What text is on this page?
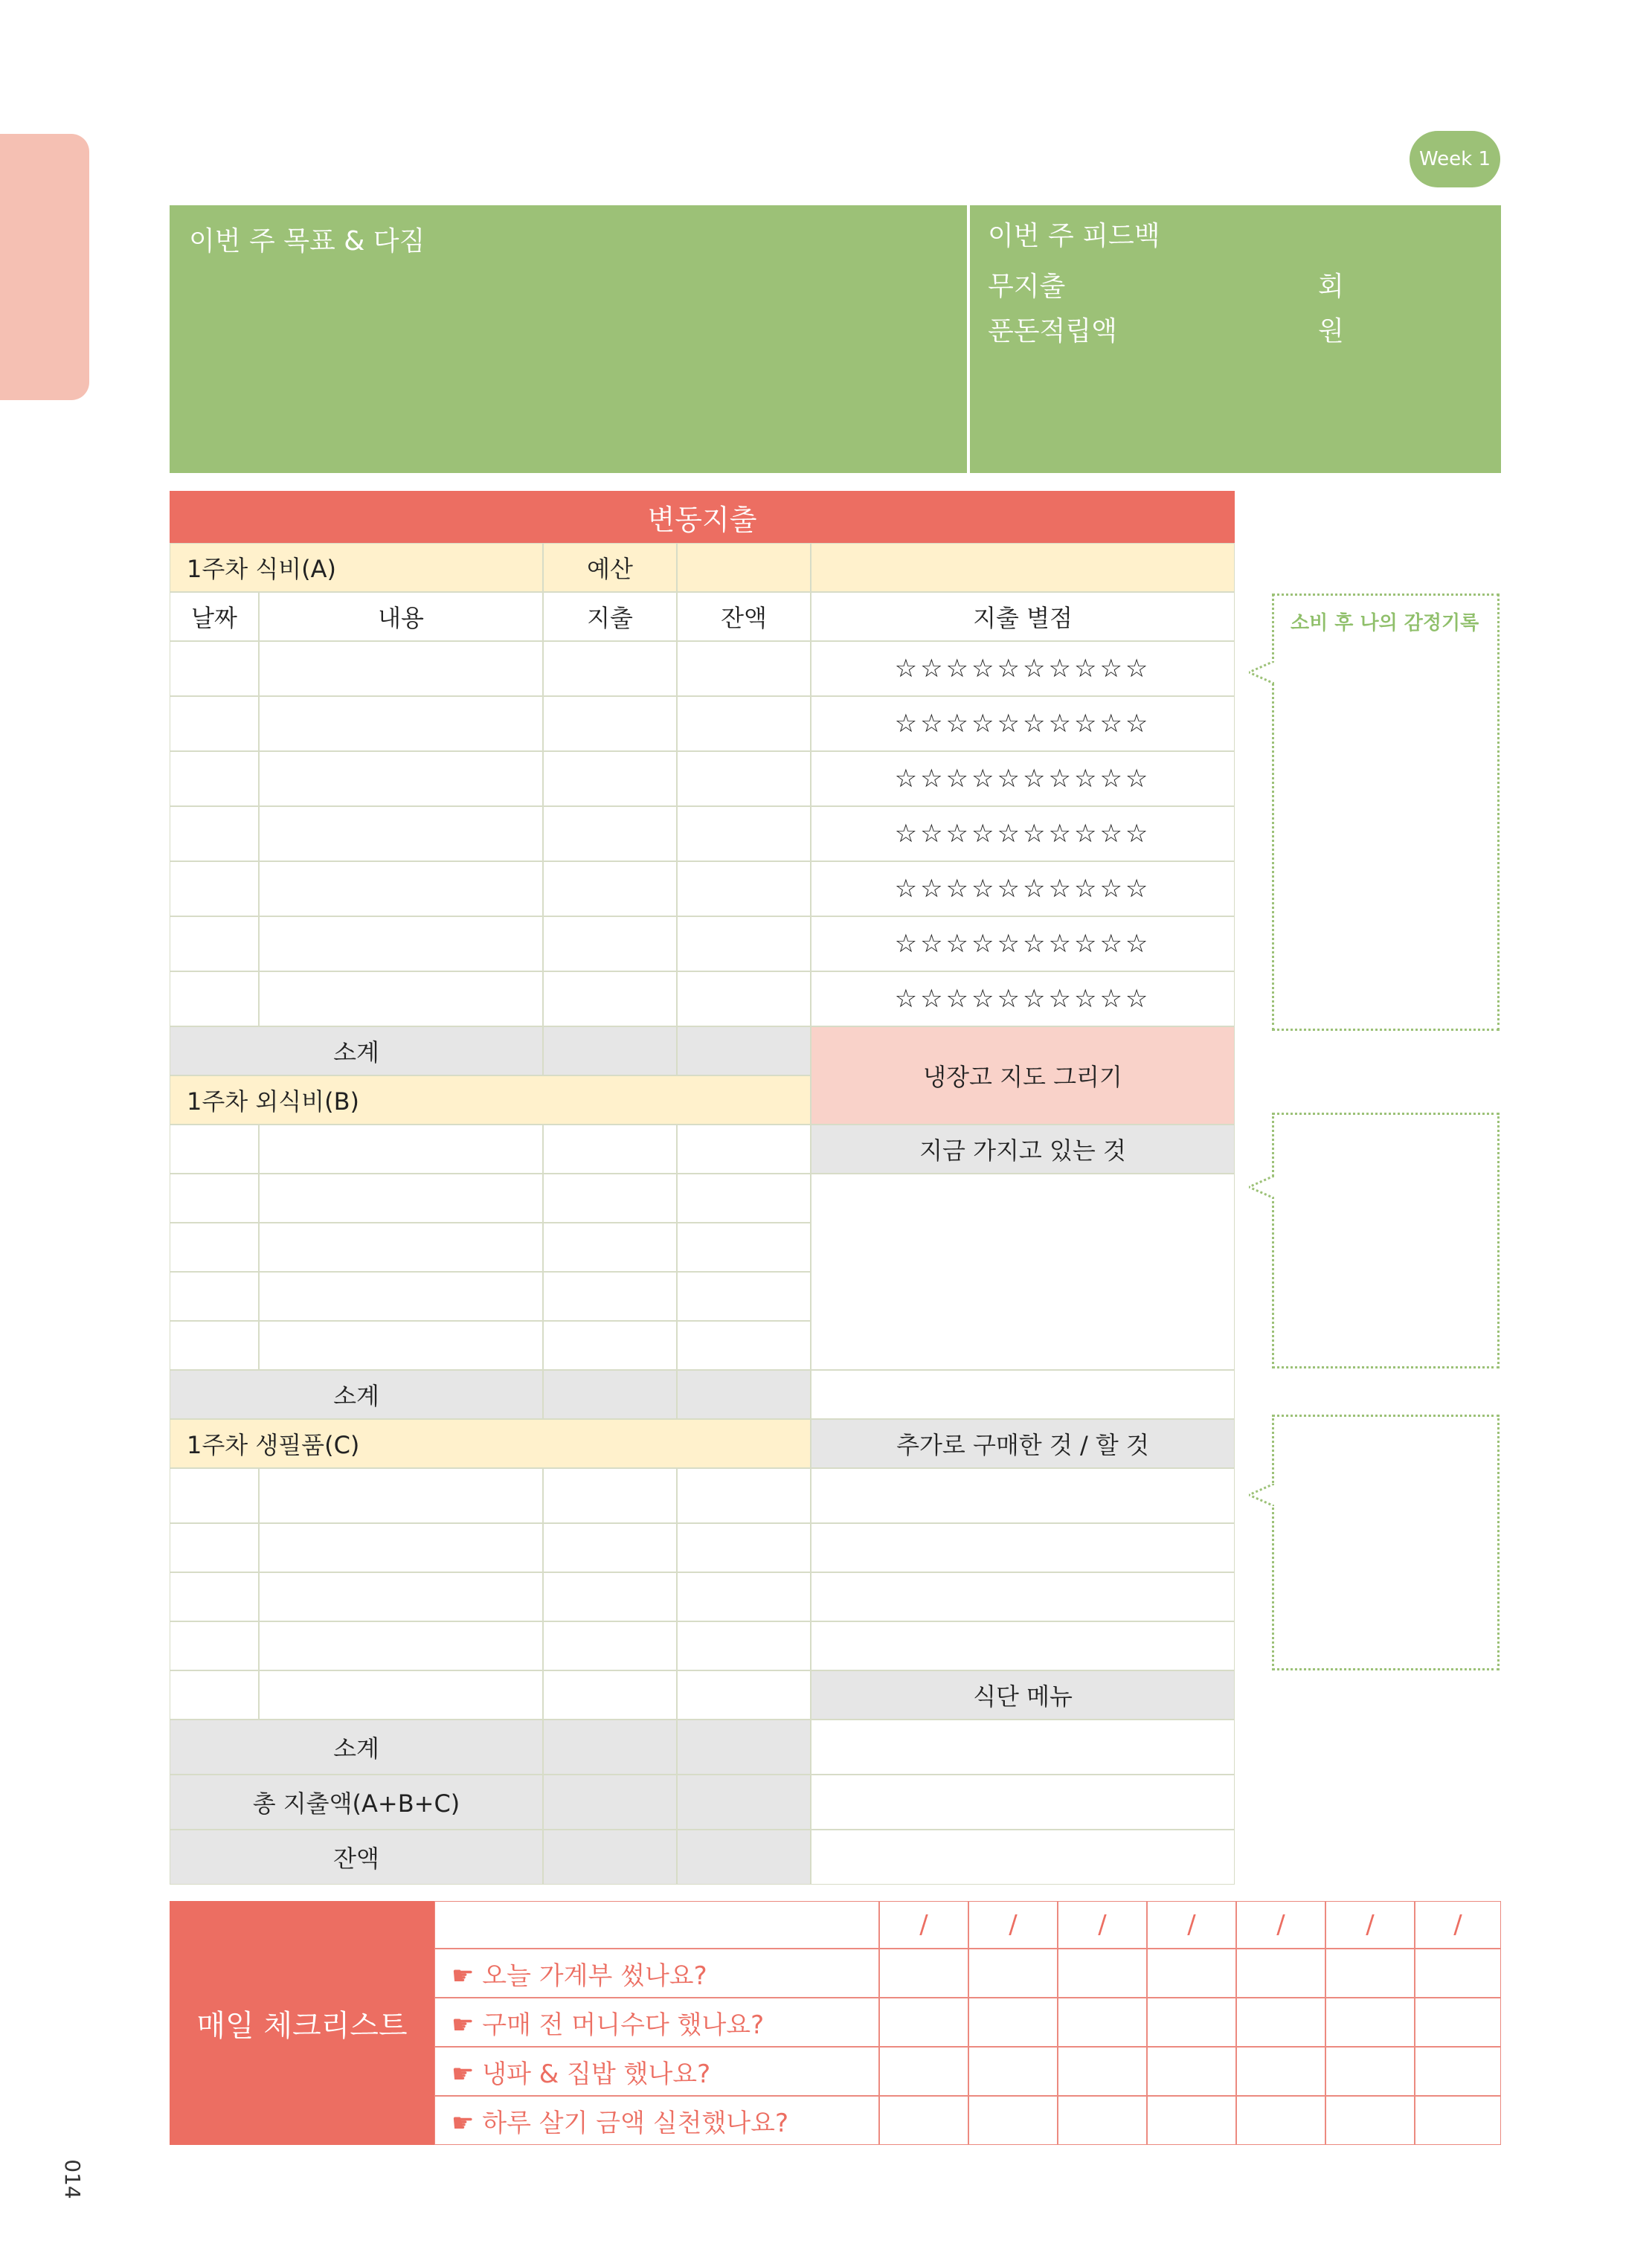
Week 1
이번 주 목표 & 다짐	이번 주 피드백
무지출	회
푼돈적립액	원
변동지출
1주차 식비(A)	예산
날짜	내용	지출	잔액	지출 별점
☆☆☆☆☆☆☆☆☆☆
☆☆☆☆☆☆☆☆☆☆
☆☆☆☆☆☆☆☆☆☆
☆☆☆☆☆☆☆☆☆☆
☆☆☆☆☆☆☆☆☆☆
☆☆☆☆☆☆☆☆☆☆
☆☆☆☆☆☆☆☆☆☆
소계
냉장고 지도 그리기
1주차 외식비(B)
지금 가지고 있는 것
소계
1주차 생필품(C)	추가로 구매한 것 / 할 것
식단 메뉴
소계
총 지출액(A+B+C)
잔액
소비 후 나의 감정기록
매일 체크리스트
/	/	/	/	/	/	/
☛ 오늘 가계부 썼나요?
☛ 구매 전 머니수다 했나요?
☛ 냉파 & 집밥 했나요?
☛ 하루 살기 금액 실천했나요?
014
